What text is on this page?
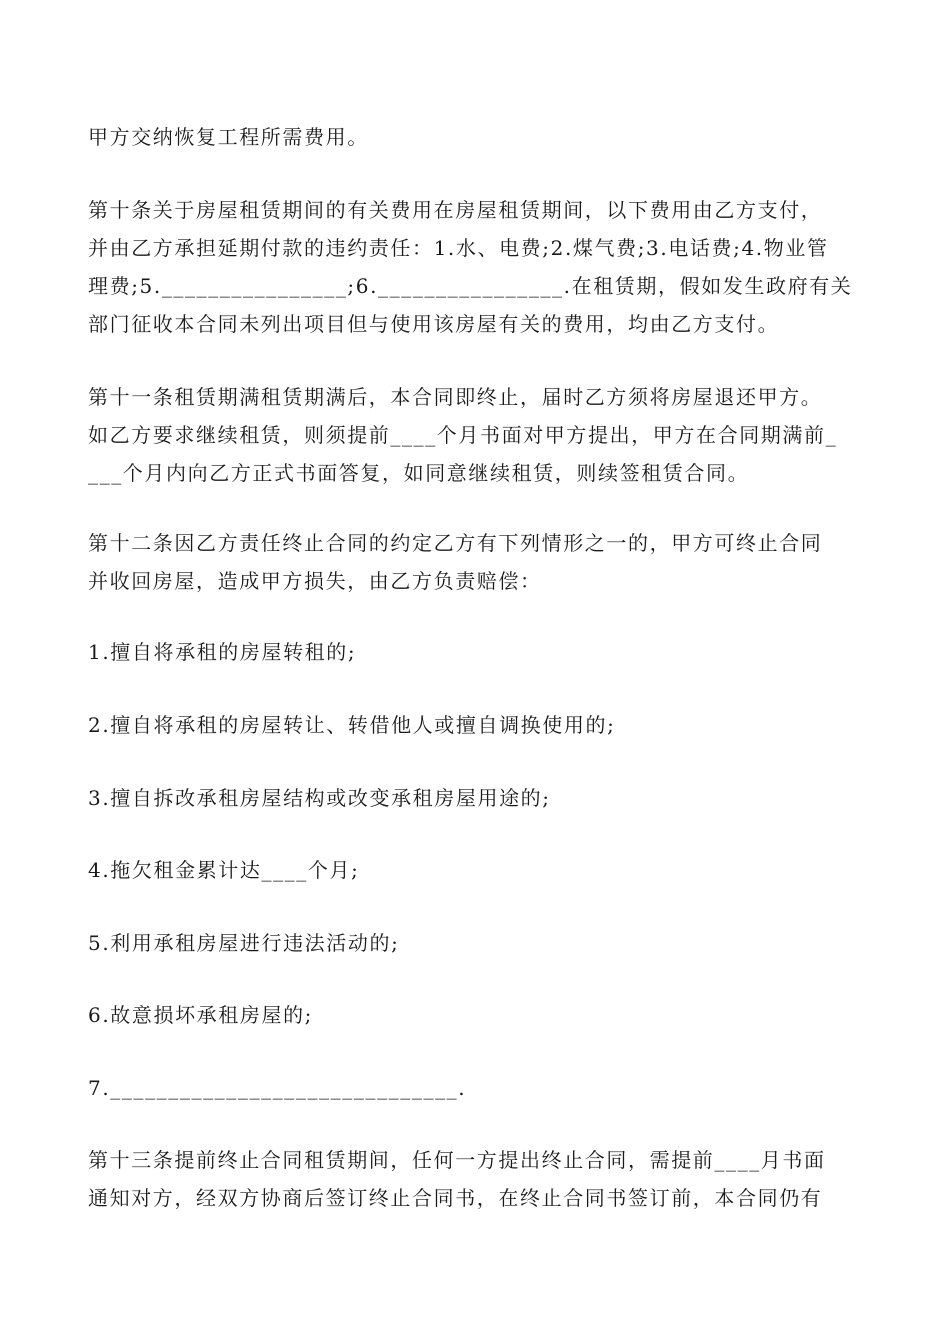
甲方交纳恢复工程所需费用。
第十条关于房屋租赁期间的有关费用在房屋租赁期间，以下费用由乙方支付，
并由乙方承担延期付款的违约责任：1.水、电费;2.煤气费;3.电话费;4.物业管
理费;5.________________;6.________________.在租赁期，假如发生政府有关
部门征收本合同未列出项目但与使用该房屋有关的费用，均由乙方支付。
第十一条租赁期满租赁期满后，本合同即终止，届时乙方须将房屋退还甲方。
如乙方要求继续租赁，则须提前____个月书面对甲方提出，甲方在合同期满前_
___个月内向乙方正式书面答复，如同意继续租赁，则续签租赁合同。
第十二条因乙方责任终止合同的约定乙方有下列情形之一的，甲方可终止合同
并收回房屋，造成甲方损失，由乙方负责赔偿：
1.擅自将承租的房屋转租的;
2.擅自将承租的房屋转让、转借他人或擅自调换使用的;
3.擅自拆改承租房屋结构或改变承租房屋用途的;
4.拖欠租金累计达____个月;
5.利用承租房屋进行违法活动的;
6.故意损坏承租房屋的;
7.______________________________.
第十三条提前终止合同租赁期间，任何一方提出终止合同，需提前____月书面
通知对方，经双方协商后签订终止合同书，在终止合同书签订前，本合同仍有
